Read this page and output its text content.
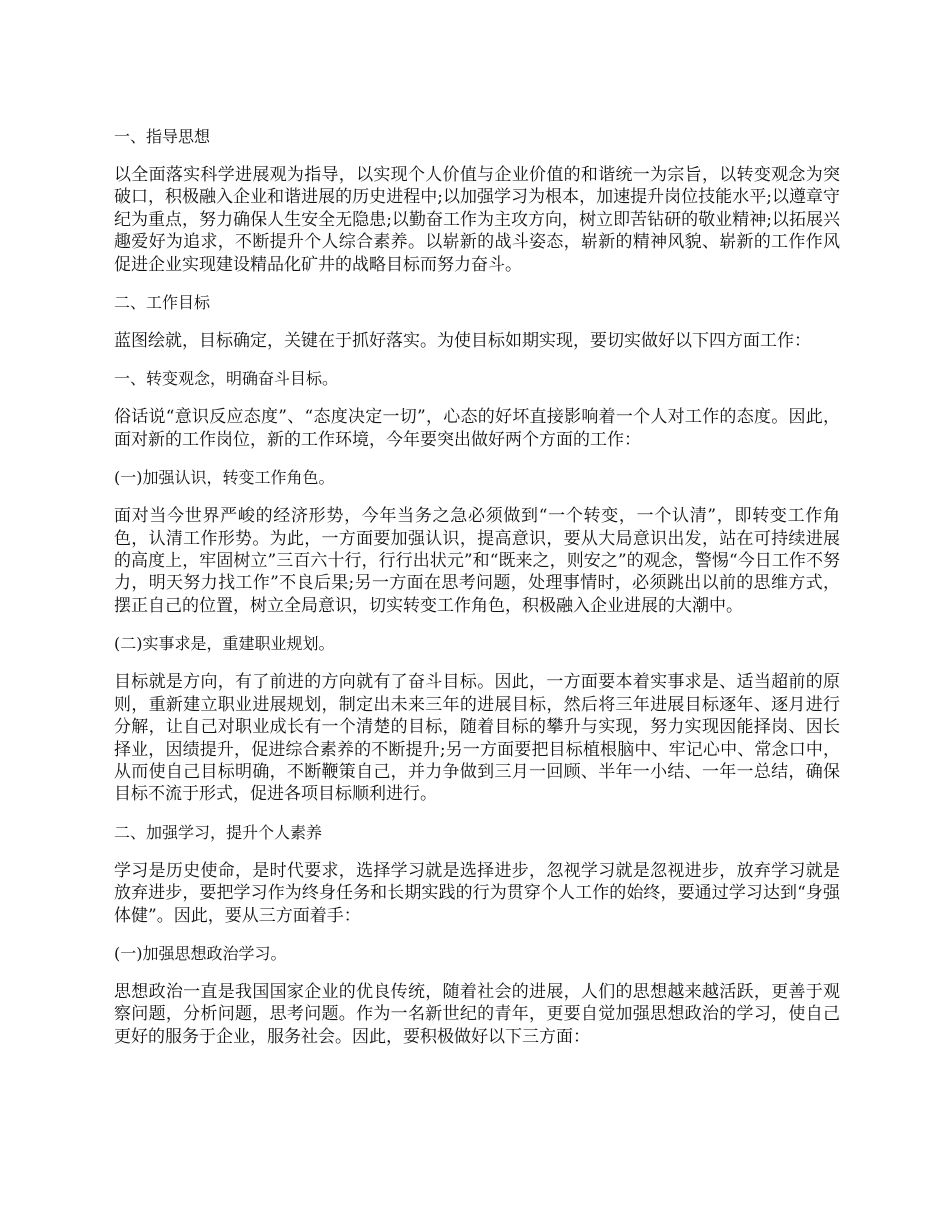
一、指导思想

以全面落实科学进展观为指导，以实现个人价值与企业价值的和谐统一为宗旨，以转变观念为突破口，积极融入企业和谐进展的历史进程中;以加强学习为根本，加速提升岗位技能水平;以遵章守纪为重点，努力确保人生安全无隐患;以勤奋工作为主攻方向，树立即苦钻研的敬业精神;以拓展兴趣爱好为追求，不断提升个人综合素养。以崭新的战斗姿态，崭新的精神风貌、崭新的工作作风促进企业实现建设精品化矿井的战略目标而努力奋斗。

二、工作目标

蓝图绘就，目标确定，关键在于抓好落实。为使目标如期实现，要切实做好以下四方面工作：

一、转变观念，明确奋斗目标。

俗话说“意识反应态度”、“态度决定一切”，心态的好坏直接影响着一个人对工作的态度。因此，面对新的工作岗位，新的工作环境，今年要突出做好两个方面的工作：

(一)加强认识，转变工作角色。

面对当今世界严峻的经济形势，今年当务之急必须做到“一个转变，一个认清”，即转变工作角色，认清工作形势。为此，一方面要加强认识，提高意识，要从大局意识出发，站在可持续进展的高度上，牢固树立”三百六十行，行行出状元”和“既来之，则安之”的观念，警惕“今日工作不努力，明天努力找工作”不良后果;另一方面在思考问题，处理事情时，必须跳出以前的思维方式，摆正自己的位置，树立全局意识，切实转变工作角色，积极融入企业进展的大潮中。

(二)实事求是，重建职业规划。

目标就是方向，有了前进的方向就有了奋斗目标。因此，一方面要本着实事求是、适当超前的原则，重新建立职业进展规划，制定出未来三年的进展目标，然后将三年进展目标逐年、逐月进行分解，让自己对职业成长有一个清楚的目标，随着目标的攀升与实现，努力实现因能择岗、因长择业，因绩提升，促进综合素养的不断提升;另一方面要把目标植根脑中、牢记心中、常念口中，从而使自己目标明确，不断鞭策自己，并力争做到三月一回顾、半年一小结、一年一总结，确保目标不流于形式，促进各项目标顺利进行。

二、加强学习，提升个人素养

学习是历史使命，是时代要求，选择学习就是选择进步，忽视学习就是忽视进步，放弃学习就是放弃进步，要把学习作为终身任务和长期实践的行为贯穿个人工作的始终，要通过学习达到“身强体健”。因此，要从三方面着手：

(一)加强思想政治学习。

思想政治一直是我国国家企业的优良传统，随着社会的进展，人们的思想越来越活跃，更善于观察问题，分析问题，思考问题。作为一名新世纪的青年，更要自觉加强思想政治的学习，使自己更好的服务于企业，服务社会。因此，要积极做好以下三方面：
